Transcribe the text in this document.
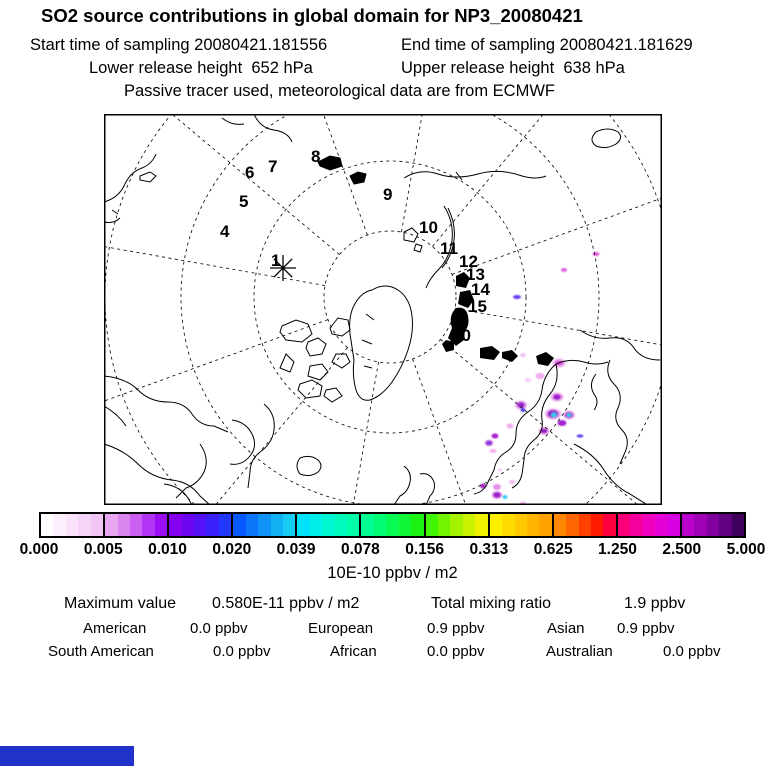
SO2 source contributions in global domain for NP3_20080421
Start time of sampling 20080421.181556	End time of sampling 20080421.181629
Lower release height  652 hPa	Upper release height  638 hPa
Passive tracer used, meteorological data are from ECMWF
4
5
6 7
8
9
10
11
12
13
14
15
20
1
0.000 0.005 0.010 0.020 0.039 0.078 0.156 0.313 0.625 1.250 2.500 5.000
10E-10 ppbv / m2
Maximum value 0.580E-11 ppbv / m2	Total mixing ratio	1.9 ppbv
American	0.0 ppbv	European	0.9 ppbv	Asian 0.9 ppbv
South American	0.0 ppbv	African	0.0 ppbv	Australian	0.0 ppbv
